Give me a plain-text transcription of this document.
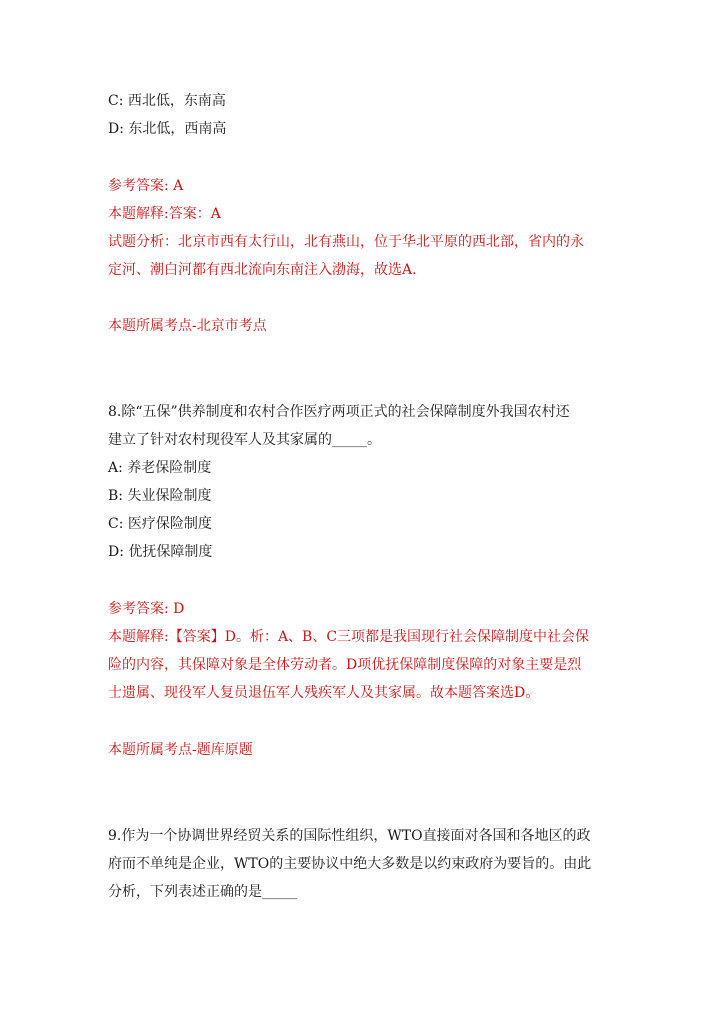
C: 西北低，东南高
D: 东北低，西南高
参考答案: A
本题解释:答案：A
试题分析：北京市西有太行山，北有燕山，位于华北平原的西北部，省内的永
定河、潮白河都有西北流向东南注入渤海，故选A.
本题所属考点-北京市考点
8.除“五保”供养制度和农村合作医疗两项正式的社会保障制度外我国农村还
建立了针对农村现役军人及其家属的_____。
A: 养老保险制度
B: 失业保险制度
C: 医疗保险制度
D: 优抚保障制度
参考答案: D
本题解释:【答案】D。析：A、B、C三项都是我国现行社会保障制度中社会保
险的内容，其保障对象是全体劳动者。D项优抚保障制度保障的对象主要是烈
士遗属、现役军人复员退伍军人残疾军人及其家属。故本题答案选D。
本题所属考点-题库原题
9.作为一个协调世界经贸关系的国际性组织，WTO直接面对各国和各地区的政
府而不单纯是企业，WTO的主要协议中绝大多数是以约束政府为要旨的。由此
分析，下列表述正确的是_____
